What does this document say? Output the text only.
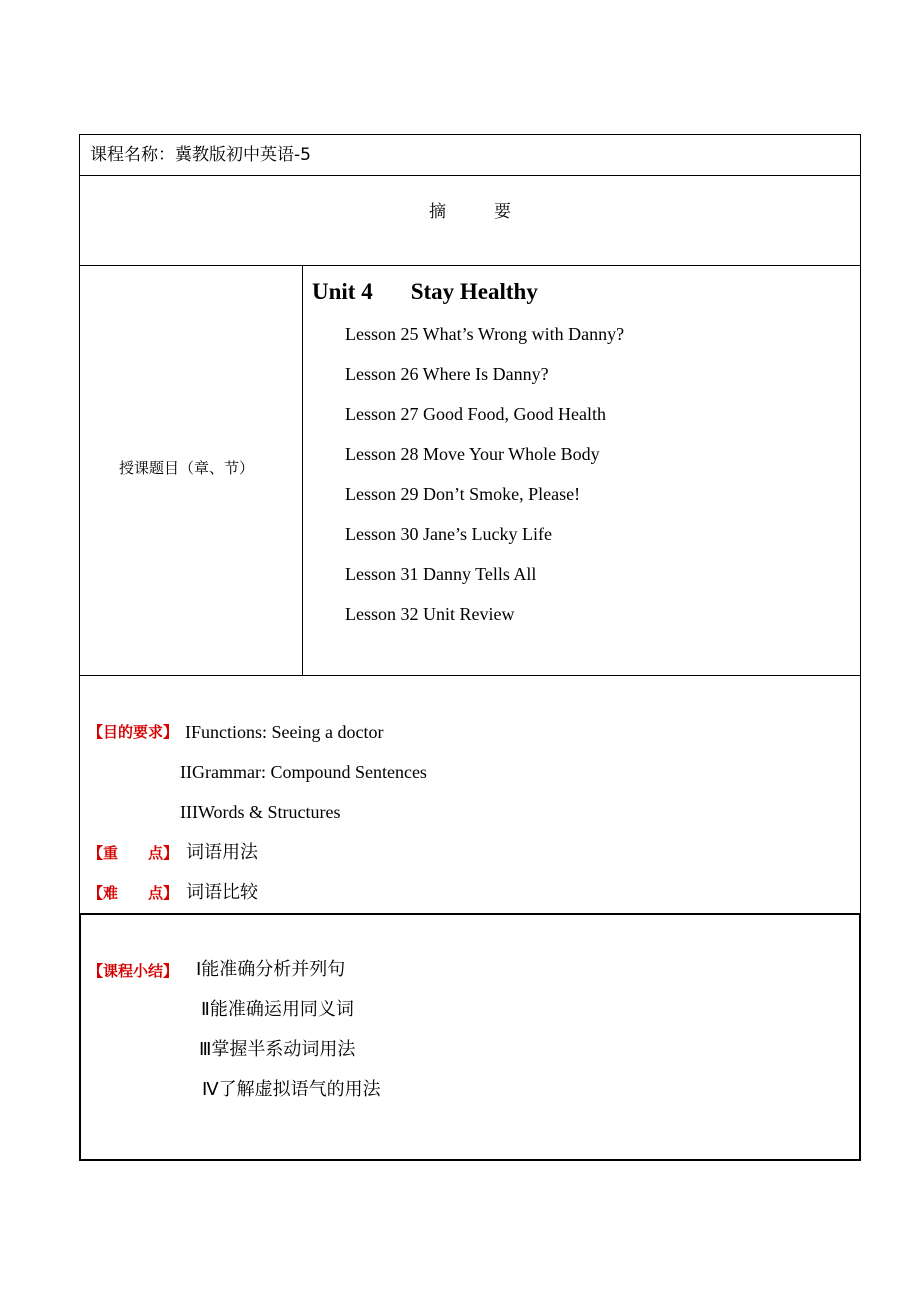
课程名称：冀教版初中英语-5
摘	要
授课题目（章、节）
Unit 4 Stay Healthy
Lesson 25 What’s Wrong with Danny?
Lesson 26 Where Is Danny?
Lesson 27 Good Food, Good Health
Lesson 28 Move Your Whole Body
Lesson 29 Don’t Smoke, Please!
Lesson 30 Jane’s Lucky Life
Lesson 31 Danny Tells All
Lesson 32 Unit Review
【目的要求】 IFunctions: Seeing a doctor
IIGrammar: Compound Sentences
IIIWords & Structures
【重　　点】 词语用法
【难　　点】 词语比较
【课程小结】 Ⅰ能准确分析并列句
Ⅱ能准确运用同义词
Ⅲ掌握半系动词用法
Ⅳ了解虚拟语气的用法
